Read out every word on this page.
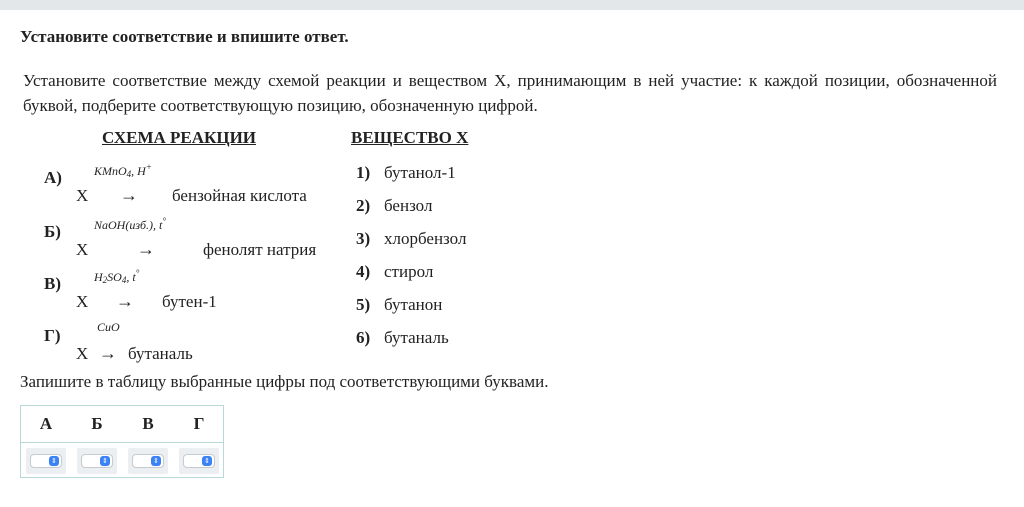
Установите соответствие и впишите ответ.
Установите соответствие между схемой реакции и веществом X, принимающим в ней участие: к каждой позиции, обозначенной буквой, подберите соответствующую позицию, обозначенную цифрой.
СХЕМА РЕАКЦИИ	ВЕЩЕСТВО X
А)	KMnO$_4$, H+
X → бензойная кислота
Б)	NaOH(изб.), t°
X	→	фенолят натрия
В)	$H_2SO_4$, t°
X → бутен-1
Г)	CuO
X → бутаналь
1) бутанол-1
2) бензол
3) хлорбензол
4) стирол
5) бутанон
6) бутаналь
Запишите в таблицу выбранные цифры под соответствующими буквами.
А	Б	В	Г
⇕	⇕	⇕	⇕
